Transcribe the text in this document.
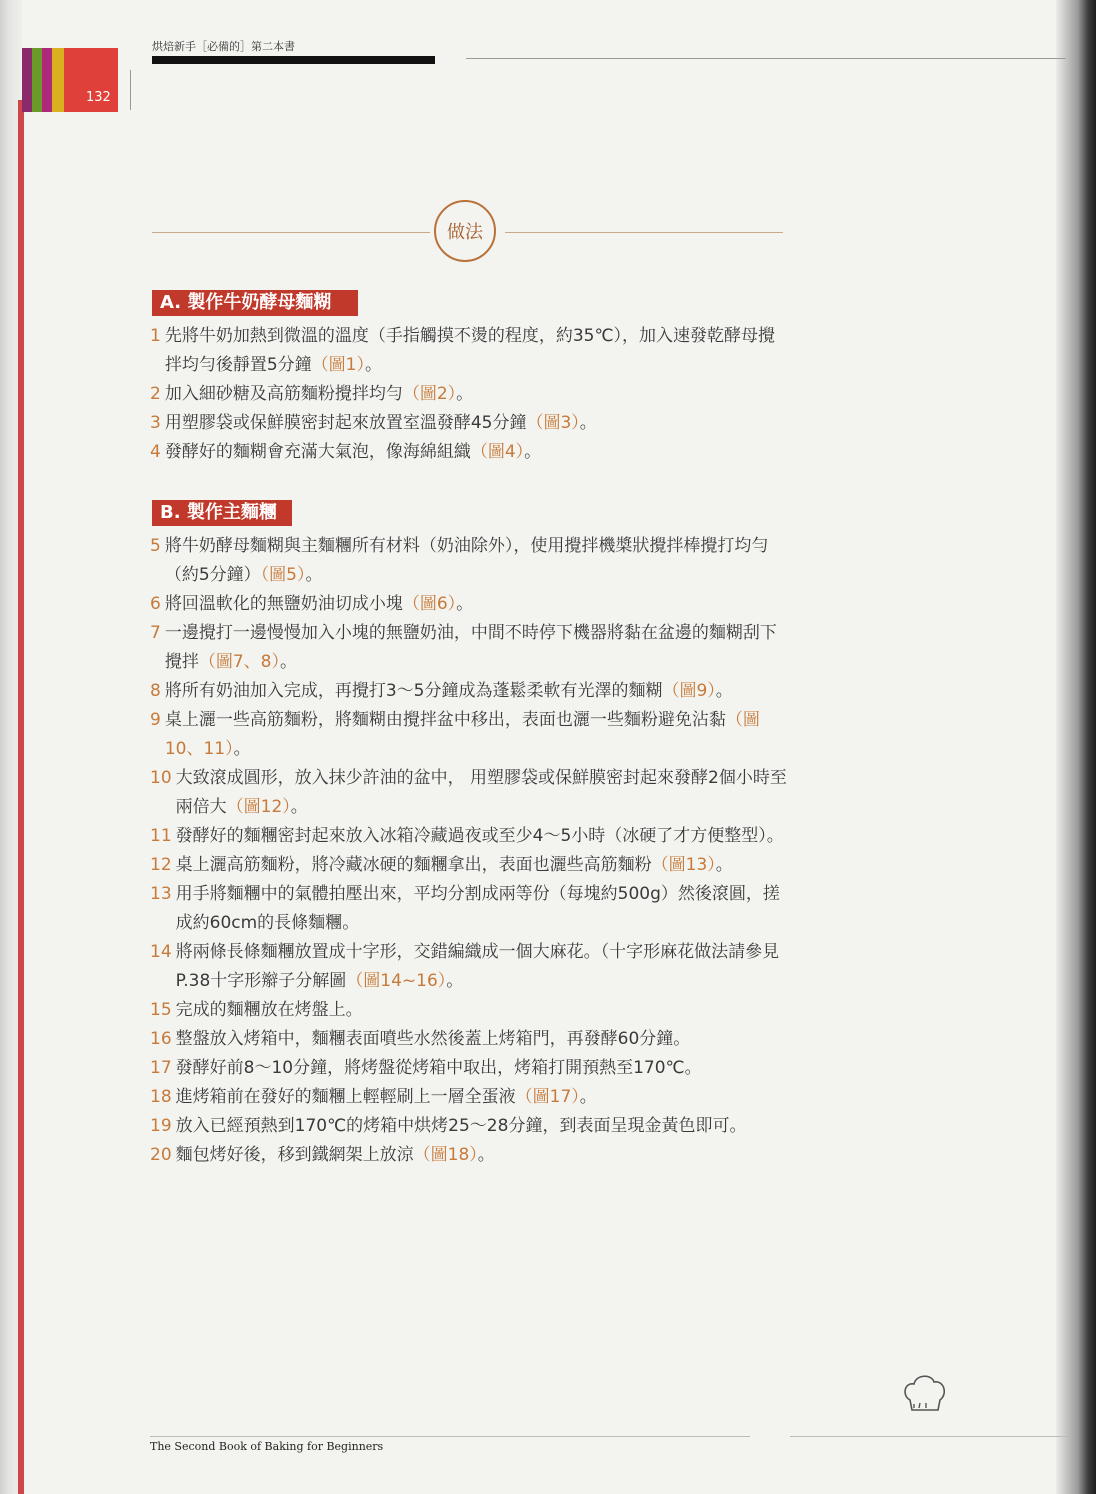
132
烘焙新手［必備的］第二本書
做法
A. 製作牛奶酵母麵糊
1 先將牛奶加熱到微溫的溫度（手指觸摸不燙的程度，約35℃），加入速發乾酵母攪拌均勻後靜置5分鐘（圖1）。
2 加入細砂糖及高筋麵粉攪拌均勻（圖2）。
3 用塑膠袋或保鮮膜密封起來放置室溫發酵45分鐘（圖3）。
4 發酵好的麵糊會充滿大氣泡，像海綿組織（圖4）。
B. 製作主麵糰
5 將牛奶酵母麵糊與主麵糰所有材料（奶油除外），使用攪拌機槳狀攪拌棒攪打均勻（約5分鐘）（圖5）。
6 將回溫軟化的無鹽奶油切成小塊（圖6）。
7 一邊攪打一邊慢慢加入小塊的無鹽奶油，中間不時停下機器將黏在盆邊的麵糊刮下攪拌（圖7、8）。
8 將所有奶油加入完成，再攪打3～5分鐘成為蓬鬆柔軟有光澤的麵糊（圖9）。
9 桌上灑一些高筋麵粉，將麵糊由攪拌盆中移出，表面也灑一些麵粉避免沾黏（圖10、11）。
10 大致滾成圓形，放入抹少許油的盆中， 用塑膠袋或保鮮膜密封起來發酵2個小時至兩倍大（圖12）。
11 發酵好的麵糰密封起來放入冰箱冷藏過夜或至少4～5小時（冰硬了才方便整型）。
12 桌上灑高筋麵粉，將冷藏冰硬的麵糰拿出，表面也灑些高筋麵粉（圖13）。
13 用手將麵糰中的氣體拍壓出來，平均分割成兩等份（每塊約500g）然後滾圓，搓成約60cm的長條麵糰。
14 將兩條長條麵糰放置成十字形，交錯編織成一個大麻花。（十字形麻花做法請參見P.38十字形辮子分解圖（圖14~16）。
15 完成的麵糰放在烤盤上。
16 整盤放入烤箱中，麵糰表面噴些水然後蓋上烤箱門，再發酵60分鐘。
17 發酵好前8～10分鐘，將烤盤從烤箱中取出，烤箱打開預熱至170℃。
18 進烤箱前在發好的麵糰上輕輕刷上一層全蛋液（圖17）。
19 放入已經預熱到170℃的烤箱中烘烤25～28分鐘，到表面呈現金黃色即可。
20 麵包烤好後，移到鐵網架上放涼（圖18）。
The Second Book of Baking for Beginners
